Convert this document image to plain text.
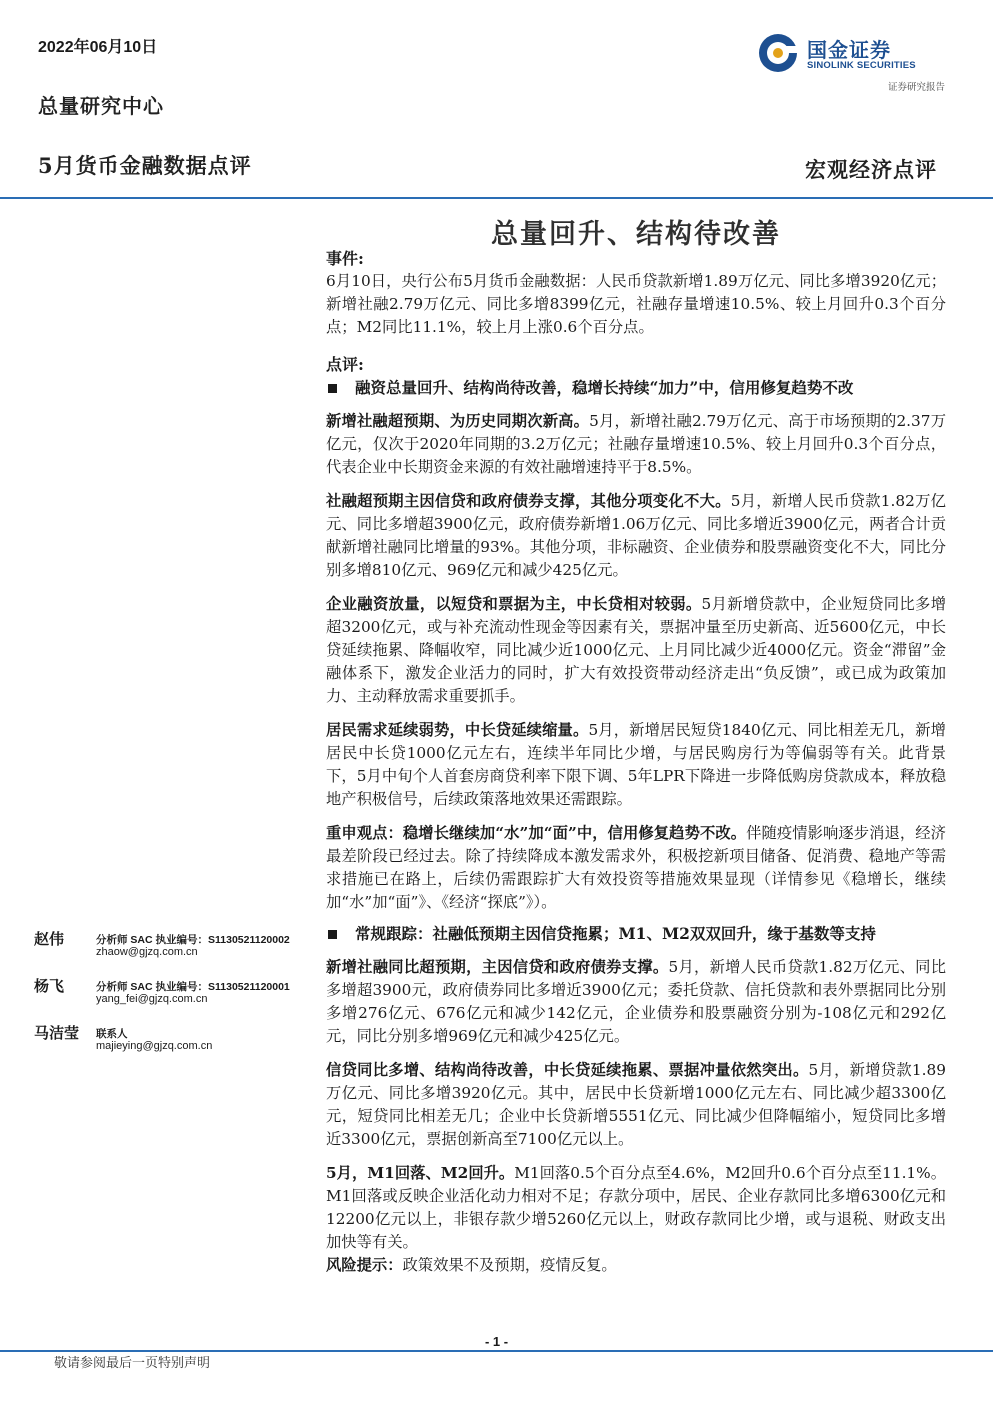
2022年06月10日
总量研究中心
5月货币金融数据点评	宏观经济点评
国金证券
SINOLINK SECURITIES
证券研究报告
总量回升、结构待改善

事件:

6月10日，央行公布5月货币金融数据：人民币贷款新增1.89万亿元、同比多增3920亿元；新增社融2.79万亿元、同比多增8399亿元，社融存量增速10.5%、较上月回升0.3个百分点；M2同比11.1%，较上月上涨0.6个百分点。

点评:

融资总量回升、结构尚待改善，稳增长持续“加力”中，信用修复趋势不改

新增社融超预期、为历史同期次新高。5月，新增社融2.79万亿元、高于市场预期的2.37万亿元，仅次于2020年同期的3.2万亿元；社融存量增速10.5%、较上月回升0.3个百分点，代表企业中长期资金来源的有效社融增速持平于8.5%。

社融超预期主因信贷和政府债券支撑，其他分项变化不大。5月，新增人民币贷款1.82万亿元、同比多增超3900亿元，政府债券新增1.06万亿元、同比多增近3900亿元，两者合计贡献新增社融同比增量的93%。其他分项，非标融资、企业债券和股票融资变化不大，同比分别多增810亿元、969亿元和减少425亿元。

企业融资放量，以短贷和票据为主，中长贷相对较弱。5月新增贷款中，企业短贷同比多增超3200亿元，或与补充流动性现金等因素有关，票据冲量至历史新高、近5600亿元，中长贷延续拖累、降幅收窄，同比减少近1000亿元、上月同比减少近4000亿元。资金“滞留”金融体系下，激发企业活力的同时，扩大有效投资带动经济走出“负反馈”，或已成为政策加力、主动释放需求重要抓手。

居民需求延续弱势，中长贷延续缩量。5月，新增居民短贷1840亿元、同比相差无几，新增居民中长贷1000亿元左右，连续半年同比少增，与居民购房行为等偏弱等有关。此背景下，5月中旬个人首套房商贷利率下限下调、5年LPR下降进一步降低购房贷款成本，释放稳地产积极信号，后续政策落地效果还需跟踪。

重申观点：稳增长继续加“水”加“面”中，信用修复趋势不改。伴随疫情影响逐步消退，经济最差阶段已经过去。除了持续降成本激发需求外，积极挖新项目储备、促消费、稳地产等需求措施已在路上，后续仍需跟踪扩大有效投资等措施效果显现（详情参见《稳增长，继续加“水”加“面”》、《经济“探底”》）。

常规跟踪：社融低预期主因信贷拖累；M1、M2双双回升，缘于基数等支持

新增社融同比超预期，主因信贷和政府债券支撑。5月，新增人民币贷款1.82万亿元、同比多增超3900元，政府债券同比多增近3900亿元；委托贷款、信托贷款和表外票据同比分别多增276亿元、676亿元和减少142亿元，企业债券和股票融资分别为-108亿元和292亿元，同比分别多增969亿元和减少425亿元。

信贷同比多增、结构尚待改善，中长贷延续拖累、票据冲量依然突出。5月，新增贷款1.89万亿元、同比多增3920亿元。其中，居民中长贷新增1000亿元左右、同比减少超3300亿元，短贷同比相差无几；企业中长贷新增5551亿元、同比减少但降幅缩小，短贷同比多增近3300亿元，票据创新高至7100亿元以上。

5月，M1回落、M2回升。M1回落0.5个百分点至4.6%，M2回升0.6个百分点至11.1%。M1回落或反映企业活化动力相对不足；存款分项中，居民、企业存款同比多增6300亿元和12200亿元以上，非银存款少增5260亿元以上，财政存款同比少增，或与退税、财政支出加快等有关。

风险提示：政策效果不及预期，疫情反复。

赵伟	分析师 SAC 执业编号：S1130521120002
zhaow@gjzq.com.cn
杨飞	分析师 SAC 执业编号：S1130521120001
yang_fei@gjzq.com.cn
马洁莹 联系人
majieying@gjzq.com.cn
- 1 -
敬请参阅最后一页特别声明
